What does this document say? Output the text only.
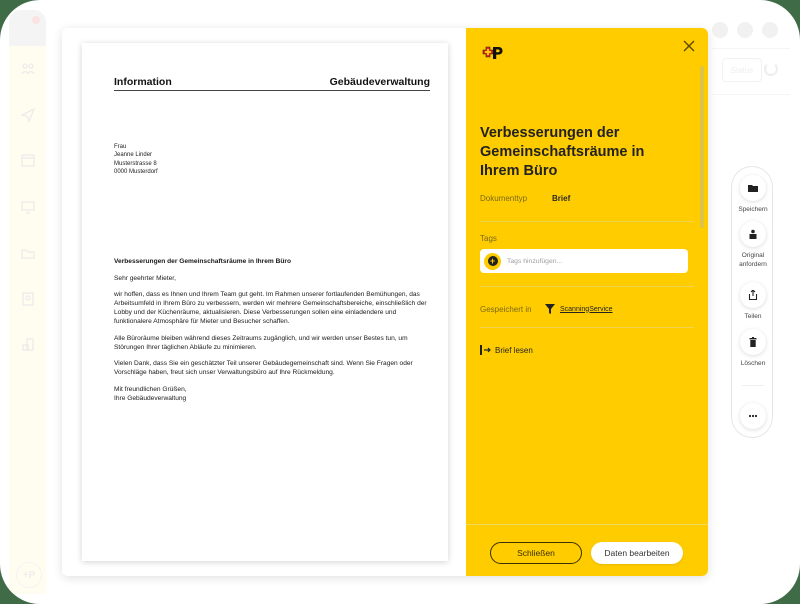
+P
Status
Information	Gebäudeverwaltung
Frau
Jeanne Linder
Musterstrasse 8
0000 Musterdorf
Verbesserungen der Gemeinschaftsräume in Ihrem Büro

Sehr geehrter Mieter,

wir hoffen, dass es Ihnen und Ihrem Team gut geht. Im Rahmen unserer fortlaufenden Bemühungen, das Arbeitsumfeld in Ihrem Büro zu verbessern, werden wir mehrere Gemeinschaftsbereiche, einschließlich der Lobby und der Küchenräume, aktualisieren. Diese Verbesserungen sollen eine einladendere und funktionalere Atmosphäre für Mieter und Besucher schaffen.

Alle Büroräume bleiben während dieses Zeitraums zugänglich, und wir werden unser Bestes tun, um Störungen Ihrer täglichen Abläufe zu minimieren.

Vielen Dank, dass Sie ein geschätzter Teil unserer Gebäudegemeinschaft sind. Wenn Sie Fragen oder Vorschläge haben, freut sich unser Verwaltungsbüro auf Ihre Rückmeldung.

Mit freundlichen Grüßen,
Ihre Gebäudeverwaltung
Verbesserungen der Gemeinschaftsräume in Ihrem Büro
Dokumenttyp	Brief
Tags
+
Tags hinzufügen...
Gespeichert in	ScanningService
Brief lesen
Schließen	Daten bearbeiten
Speichern
Original anfordern
Teilen
Löschen
